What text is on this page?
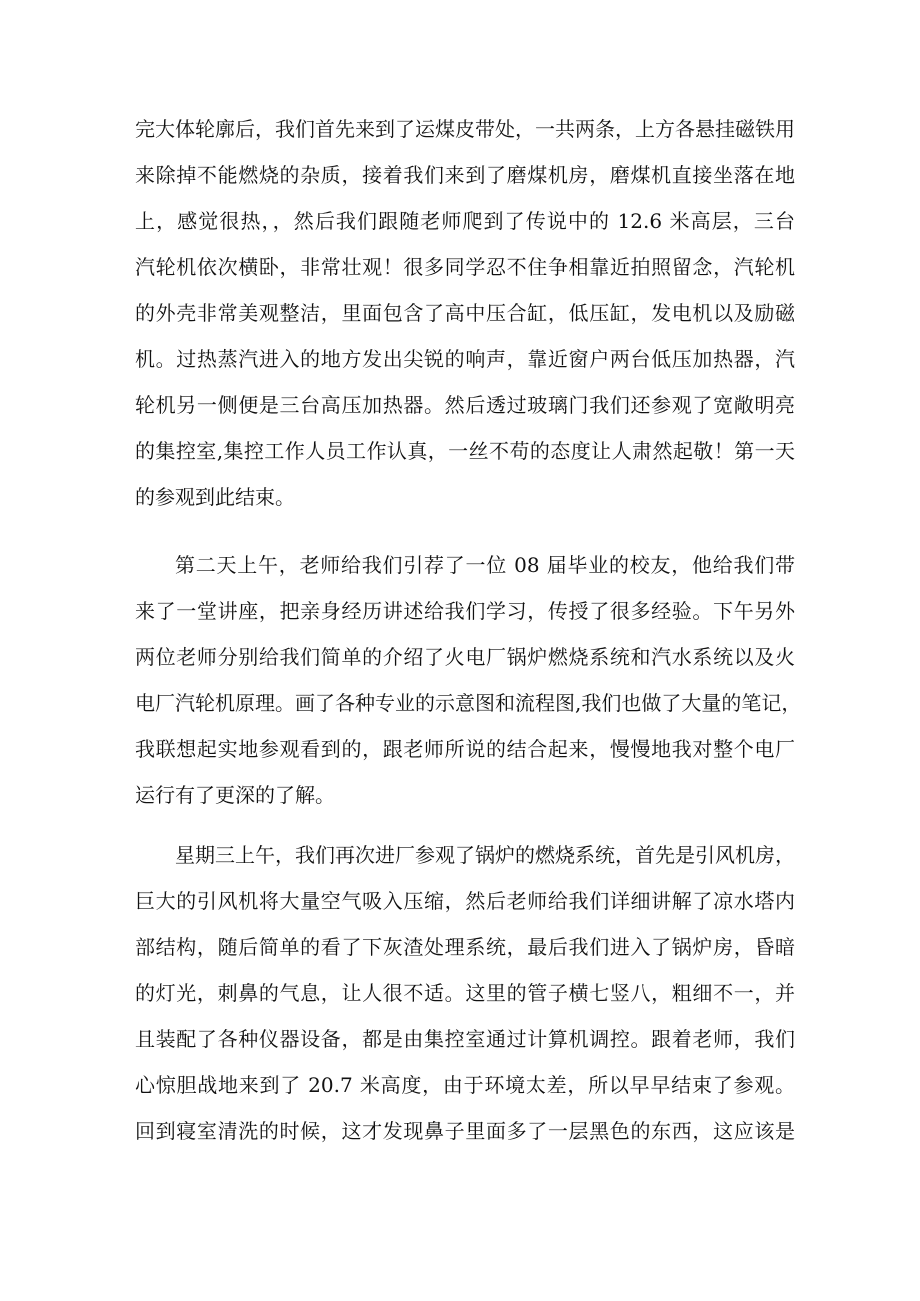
完大体轮廓后，我们首先来到了运煤皮带处，一共两条，上方各悬挂磁铁用
来除掉不能燃烧的杂质，接着我们来到了磨煤机房，磨煤机直接坐落在地
上，感觉很热，，然后我们跟随老师爬到了传说中的 12.6 米高层，三台
汽轮机依次横卧，非常壮观！很多同学忍不住争相靠近拍照留念，汽轮机
的外壳非常美观整洁，里面包含了高中压合缸，低压缸，发电机以及励磁
机。过热蒸汽进入的地方发出尖锐的响声，靠近窗户两台低压加热器，汽
轮机另一侧便是三台高压加热器。然后透过玻璃门我们还参观了宽敞明亮
的集控室,集控工作人员工作认真，一丝不苟的态度让人肃然起敬！第一天
的参观到此结束。
第二天上午，老师给我们引荐了一位 08 届毕业的校友，他给我们带
来了一堂讲座，把亲身经历讲述给我们学习，传授了很多经验。下午另外
两位老师分别给我们简单的介绍了火电厂锅炉燃烧系统和汽水系统以及火
电厂汽轮机原理。画了各种专业的示意图和流程图,我们也做了大量的笔记，
我联想起实地参观看到的，跟老师所说的结合起来，慢慢地我对整个电厂
运行有了更深的了解。
星期三上午，我们再次进厂参观了锅炉的燃烧系统，首先是引风机房，
巨大的引风机将大量空气吸入压缩，然后老师给我们详细讲解了凉水塔内
部结构，随后简单的看了下灰渣处理系统，最后我们进入了锅炉房，昏暗
的灯光，刺鼻的气息，让人很不适。这里的管子横七竖八，粗细不一，并
且装配了各种仪器设备，都是由集控室通过计算机调控。跟着老师，我们
心惊胆战地来到了 20.7 米高度，由于环境太差，所以早早结束了参观。
回到寝室清洗的时候，这才发现鼻子里面多了一层黑色的东西，这应该是
